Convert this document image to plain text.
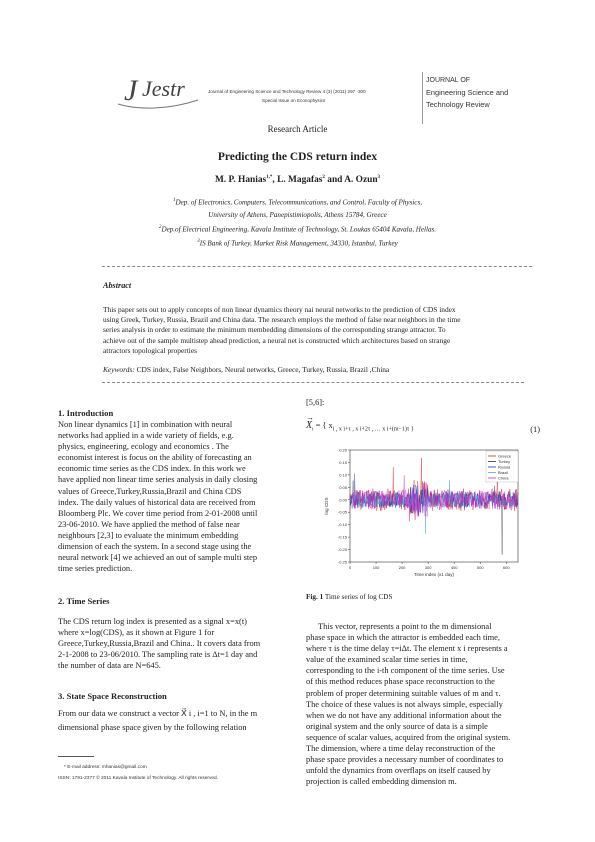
J Jestr	Journal of Engineering Science and Technology Review 4 (3) (2011) 297 -300
Special Issue on Econophysics
JOURNAL OF
Engineering Science and
Technology Review
Research Article
Predicting the CDS return index
M. P. Hanias$^{1,*}$, L. Magafas$^2$ and A. Ozun$^3$
$^1$Dep. of Electronics, Computers, Telecommunications, and Control, Faculty of Physics,
University of Athens, Panepistimiopolis, Athens 15784, Greece
$^2$Dep.of Electrical Engineering, Kavala Institute of Technology, St. Loukas 65404 Kavala, Hellas.
$^3$IS Bank of Turkey, Market Risk Management, 34330, Istanbul, Turkey
Abstract
This paper sets out to apply concepts of non linear dynamics theory nai neural networks to the prediction of CDS index
using Greek, Turkey, Russia, Brazil and China data. The research employs the method of false near neighbors in the time
series analysis in order to estimate the minimum membedding dimensions of the corresponding strange attractor. To
achieve out of the sample multistep ahead prediction, a neural net is constructed which architectures based on strange
attractors topological properties
Keywords: CDS index, False Neighbors, Neural networks, Greece, Turkey, Russia, Brazil ,China
1. Introduction
Non linear dynamics [1] in combination with neural
networks had applied in a wide variety of fields, e.g.
physics, engineering, ecology and economics . The
economist interest is focus on the ability of forecasting an
economic time series as the CDS index. In this work we
have applied non linear time series analysis in daily closing
values of Greece,Turkey,Russia,Brazil and China CDS
index. The daily values of historical data are received from
Bloomberg Plc. We cover time period from 2-01-2008 until
23-06-2010. We have applied the method of false near
neighbours [2,3] to evaluate the minimum embedding
dimension of each the system. In a second stage using the
neural network [4] we achieved an out of sample multi step
time series prediction.
2. Time Series
The CDS return log index is presented as a signal x=x(t)
where x=log(CDS), as it shown at Figure 1 for
Greece,Turkey,Russia,Brazil and China.. It covers data from
2-1-2008 to 23-06/2010. The sampling rate is Δt=1 day and
the number of data are N=645.
3. State Space Reconstruction
From our data we construct a vector X⃗ i , i=1 to N, in the m
dimensional phase space given by the following relation
* E-mail address: mhanias@gmail.com
ISSN: 1791-2377 © 2011 Kavala Institute of Technology. All rights reserved.
[5,6]:
X
→
$_i$ = { $x_{i , x i+\tau , x i+2\tau , \dots x i+(m-1)\tau \}}$	(1)
0.20
0.15
0.10
0.05
0.00
-0.05
-0.10
-0.15
-0.20
-0.25
0	100	200	300	400	500	600
Time index (x1 day)
log CDS
Greece
Turkey
Russia
Brazil
China
Fig. 1 Time series of log CDS
This vector, represents a point to the m dimensional
phase space in which the attractor is embedded each time,
where τ is the time delay τ=iΔt. The element x i represents a
value of the examined scalar time series in time,
corresponding to the i-th component of the time series. Use
of this method reduces phase space reconstruction to the
problem of proper determining suitable values of m and τ.
The choice of these values is not always simple, especially
when we do not have any additional information about the
original system and the only source of data is a simple
sequence of scalar values, acquired from the original system.
The dimension, where a time delay reconstruction of the
phase space provides a necessary number of coordinates to
unfold the dynamics from overflaps on itself caused by
projection is called embedding dimension m.
